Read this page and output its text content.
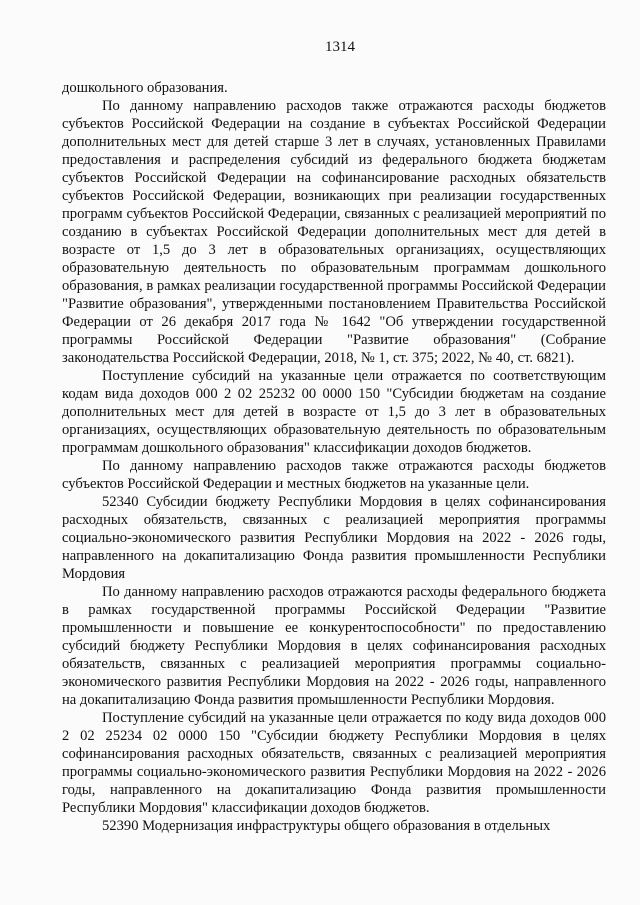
1314

дошкольного образования.

По данному направлению расходов также отражаются расходы бюджетов субъектов Российской Федерации на создание в субъектах Российской Федерации дополнительных мест для детей старше 3 лет в случаях, установленных Правилами предоставления и распределения субсидий из федерального бюджета бюджетам субъектов Российской Федерации на софинансирование расходных обязательств субъектов Российской Федерации, возникающих при реализации государственных программ субъектов Российской Федерации, связанных с реализацией мероприятий по созданию в субъектах Российской Федерации дополнительных мест для детей в возрасте от 1,5 до 3 лет в образовательных организациях, осуществляющих образовательную деятельность по образовательным программам дошкольного образования, в рамках реализации государственной программы Российской Федерации "Развитие образования", утвержденными постановлением Правительства Российской Федерации от 26 декабря 2017 года № 1642 "Об утверждении государственной программы Российской Федерации "Развитие образования" (Собрание законодательства Российской Федерации, 2018, № 1, ст. 375; 2022, № 40, ст. 6821).

Поступление субсидий на указанные цели отражается по соответствующим кодам вида доходов 000 2 02 25232 00 0000 150 "Субсидии бюджетам на создание дополнительных мест для детей в возрасте от 1,5 до 3 лет в образовательных организациях, осуществляющих образовательную деятельность по образовательным программам дошкольного образования" классификации доходов бюджетов.

По данному направлению расходов также отражаются расходы бюджетов субъектов Российской Федерации и местных бюджетов на указанные цели.

52340 Субсидии бюджету Республики Мордовия в целях софинансирования расходных обязательств, связанных с реализацией мероприятия программы социально-экономического развития Республики Мордовия на 2022 - 2026 годы, направленного на докапитализацию Фонда развития промышленности Республики Мордовия

По данному направлению расходов отражаются расходы федерального бюджета в рамках государственной программы Российской Федерации "Развитие промышленности и повышение ее конкурентоспособности" по предоставлению субсидий бюджету Республики Мордовия в целях софинансирования расходных обязательств, связанных с реализацией мероприятия программы социально-экономического развития Республики Мордовия на 2022 - 2026 годы, направленного на докапитализацию Фонда развития промышленности Республики Мордовия.

Поступление субсидий на указанные цели отражается по коду вида доходов 000 2 02 25234 02 0000 150 "Субсидии бюджету Республики Мордовия в целях софинансирования расходных обязательств, связанных с реализацией мероприятия программы социально-экономического развития Республики Мордовия на 2022 - 2026 годы, направленного на докапитализацию Фонда развития промышленности Республики Мордовия" классификации доходов бюджетов.

52390 Модернизация инфраструктуры общего образования в отдельных
